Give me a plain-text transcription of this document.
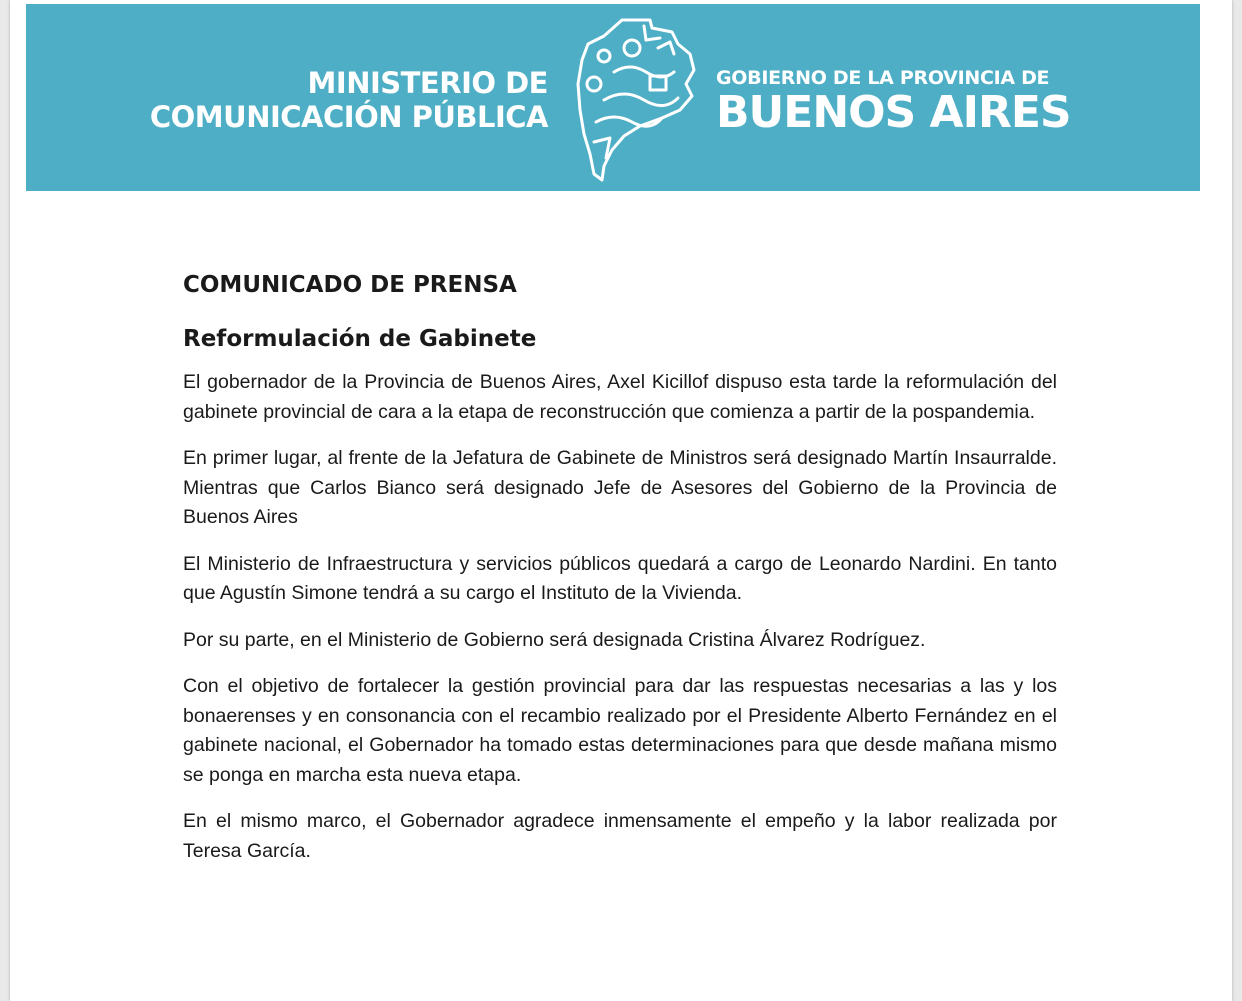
MINISTERIO DE
COMUNICACIÓN PÚBLICA
GOBIERNO DE LA PROVINCIA DE
BUENOS AIRES
COMUNICADO DE PRENSA
Reformulación de Gabinete

El gobernador de la Provincia de Buenos Aires, Axel Kicillof dispuso esta tarde la reformulación del gabinete provincial de cara a la etapa de reconstrucción que comienza a partir de la pospandemia.

En primer lugar, al frente de la Jefatura de Gabinete de Ministros será designado Martín Insaurralde. Mientras que Carlos Bianco será designado Jefe de Asesores del Gobierno de la Provincia de Buenos Aires

El Ministerio de Infraestructura y servicios públicos quedará a cargo de Leonardo Nardini. En tanto que Agustín Simone tendrá a su cargo el Instituto de la Vivienda.

Por su parte, en el Ministerio de Gobierno será designada Cristina Álvarez Rodríguez.

Con el objetivo de fortalecer la gestión provincial para dar las respuestas necesarias a las y los bonaerenses y en consonancia con el recambio realizado por el Presidente Alberto Fernández en el gabinete nacional, el Gobernador ha tomado estas determinaciones para que desde mañana mismo se ponga en marcha esta nueva etapa.

En el mismo marco, el Gobernador agradece inmensamente el empeño y la labor realizada por Teresa García.
